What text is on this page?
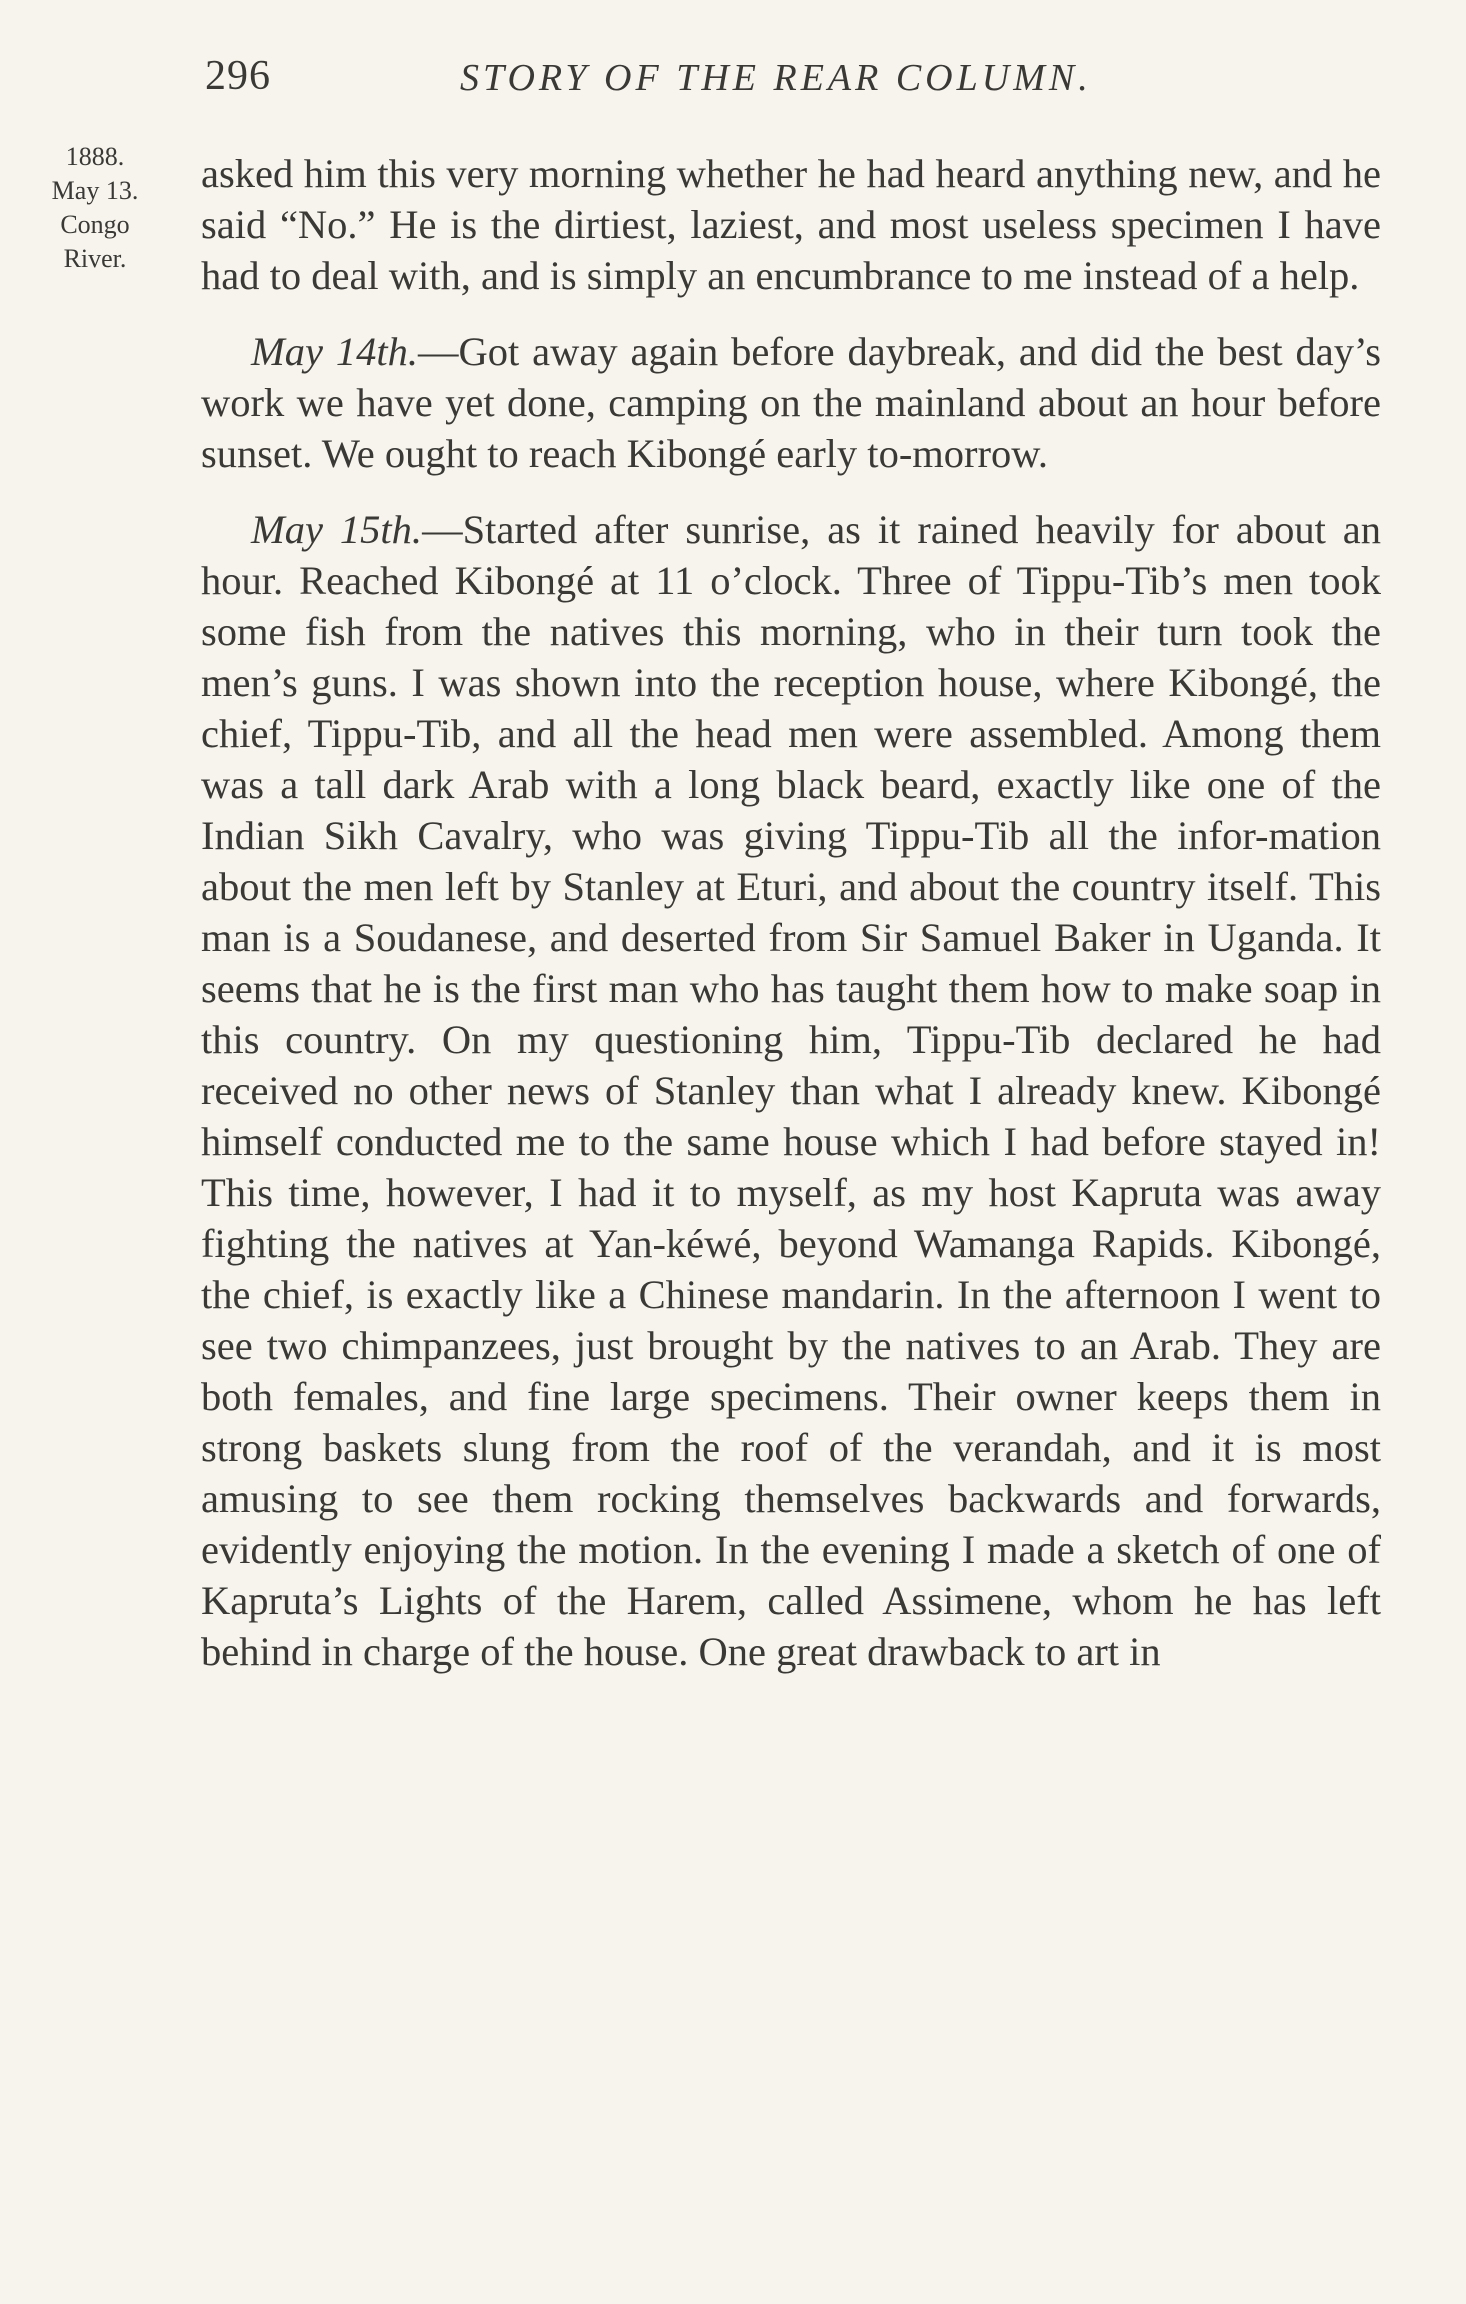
296	STORY OF THE REAR COLUMN.
1888.
May 13.
Congo
River.

asked him this very morning whether he had heard anything new, and he said “No.” He is the dirtiest, laziest, and most useless specimen I have had to deal with, and is simply an encumbrance to me instead of a help.

May 14th.—Got away again before daybreak, and did the best day’s work we have yet done, camping on the mainland about an hour before sunset. We ought to reach Kibongé early to-morrow.

May 15th.—Started after sunrise, as it rained heavily for about an hour. Reached Kibongé at 11 o’clock. Three of Tippu-Tib’s men took some fish from the natives this morning, who in their turn took the men’s guns. I was shown into the reception house, where Kibongé, the chief, Tippu-Tib, and all the head men were assembled. Among them was a tall dark Arab with a long black beard, exactly like one of the Indian Sikh Cavalry, who was giving Tippu-Tib all the infor-mation about the men left by Stanley at Eturi, and about the country itself. This man is a Soudanese, and deserted from Sir Samuel Baker in Uganda. It seems that he is the first man who has taught them how to make soap in this country. On my questioning him, Tippu-Tib declared he had received no other news of Stanley than what I already knew. Kibongé himself conducted me to the same house which I had before stayed in! This time, however, I had it to myself, as my host Kapruta was away fighting the natives at Yan-kéwé, beyond Wamanga Rapids. Kibongé, the chief, is exactly like a Chinese mandarin. In the afternoon I went to see two chimpanzees, just brought by the natives to an Arab. They are both females, and fine large specimens. Their owner keeps them in strong baskets slung from the roof of the verandah, and it is most amusing to see them rocking themselves backwards and forwards, evidently enjoying the motion. In the evening I made a sketch of one of Kapruta’s Lights of the Harem, called Assimene, whom he has left behind in charge of the house. One great drawback to art in
